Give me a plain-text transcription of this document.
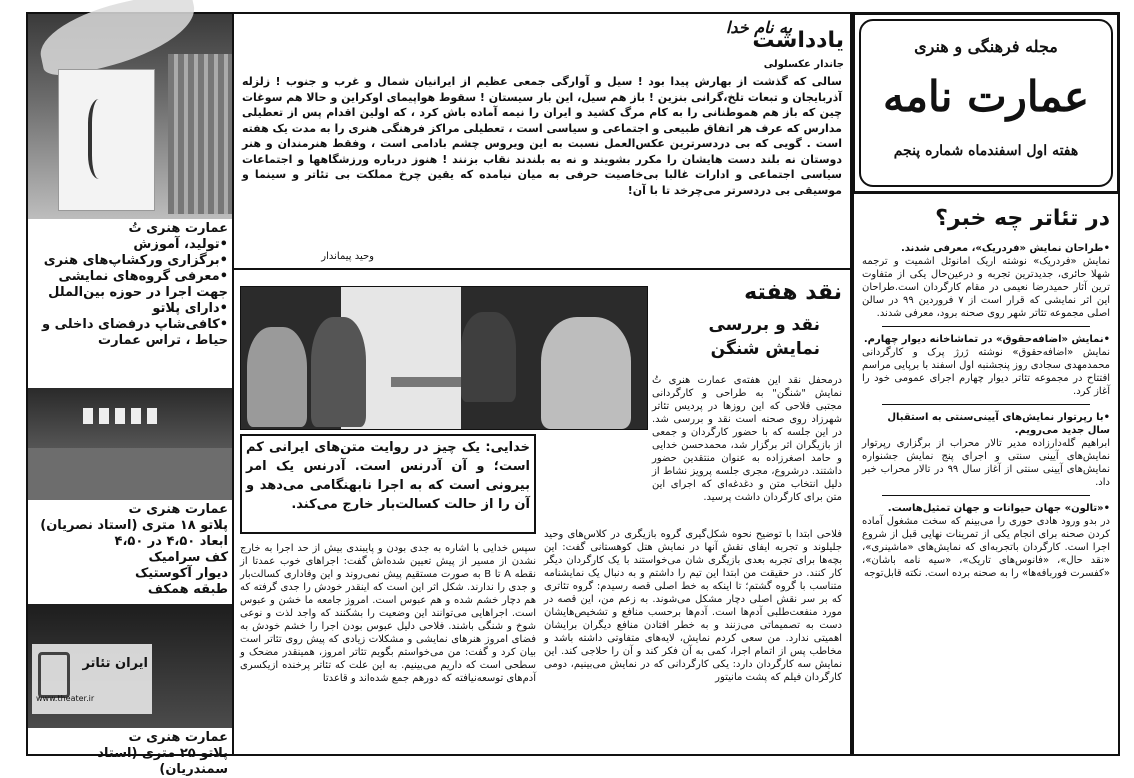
عمارت هنری تُ

•تولید، آموزش

•برگزاری ورکشاپ‌های هنری

•معرفی گروه‌های نمایشی جهت اجرا در حوزه بین‌الملل

•دارای پلاتو

•کافی‌شاپ درفضای داخلی و حیاط ، تراس عمارت

عمارت هنری ت

پلاتو ۱۸ متری (استاد نصریان)

ابعاد ۴،۵۰ در ۴،۵۰

کف سرامیک

دیوار آکوستیک

طبقه همکف

ایران تئاتر
www.theater.ir

عمارت هنری ت

پلاتو ۲۵ متری (استاد سمندریان)

به نام خدا
یادداشت
جاندار عکسلولی
سالی که گذشت از بهارش پیدا بود ! سیل و آوارگی جمعی عظیم از ایرانیان شمال و غرب و جنوب ! زلزله آذربایجان و تبعات تلخ،گرانی بنزین ! باز هم سیل، این بار سیستان ! سقوط هواپیمای اوکراین و حالا هم سوغات چین که باز هم هموطنانی را به کام مرگ کشید و ایران را نیمه آماده باش کرد ، که اولین اقدام پس از تعطیلی مدارس که عرف هر اتفاق طبیعی و اجتماعی و سیاسی است ، تعطیلی مراکز فرهنگی هنری را به مدت یک هفته است . گویی که بی دردسرترین عکس‌العمل نسبت به این ویروس چشم بادامی است ، وفقط هنرمندان و هنر دوستان نه بلند دست هایشان را مکرر بشویند و نه به بلندند نقاب بزنند ! هنوز درباره ورزشگاهها و اجتماعات سیاسی اجتماعی و ادارات غالبا بی‌خاصیت حرفی به میان نیامده که یقین چرخ مملکت بی تئاتر و سینما و موسیقی بی دردسرتر می‌چرخد تا با آن!
وحید پیماندار
مجله فرهنگی و هنری
عمارت نامه
هفته اول اسفندماه شماره پنجم
در تئاتر چه خبر؟

•طراحان نمایش «فردریک»، معرفی شدند.

نمایش «فردریک» نوشته اریک امانوئل اشمیت و ترجمه شهلا حائری، جدیدترین تجربه و درعین‌حال یکی از متفاوت ترین آثار حمیدرضا نعیمی در مقام کارگردان است.طراحان این اثر نمایشی که قرار است از ۷ فروردین ۹۹ در سالن اصلی مجموعه تئاتر شهر روی صحنه برود، معرفی شدند.

•نمایش «اضافه‌حقوق» در تماشاخانه دیوار چهارم.

نمایش «اضافه‌حقوق» نوشته ژرژ پرک و کارگردانی محمدمهدی سجادی روز پنجشنبه اول اسفند با برپایی مراسم افتتاح در مجموعه تئاتر دیوار چهارم اجرای عمومی خود را آغاز کرد.

•با رپرتوار نمایش‌های آیینی‌سنتی به استقبال سال جدید می‌رویم.

ابراهیم گله‌دارزاده مدیر تالار محراب از برگزاری رپرتوار نمایش‌های آیینی سنتی و اجرای پنج نمایش جشنواره نمایش‌های آیینی سنتی از آغاز سال ۹۹ در تالار محراب خبر داد.

•«تالون» جهان حیوانات و جهان تمثیل‌هاست.

در بدو ورود هادی حوری را می‌بینم که سخت مشغول آماده کردن صحنه برای انجام یکی از تمرینات نهایی قبل از شروع اجرا است. کارگردان باتجربه‌ای که نمایش‌های «ماشینری»، «نقد حال»، «فانوس‌های تاریک»، «سیه نامه باشان»، «کفسرت فوربافه‌ها» را به صحنه برده است. نکته قابل‌توجه

نقد هفته
نقد و بررسی
نمایش شنگن
درمحفل نقد این هفته‌ی عمارت هنری تُ نمایش "شنگن" به طراحی و کارگردانی مجتبی فلاحی که این روزها در پردیس تئاتر شهرزاد روی صحنه است نقد و بررسی شد. در این جلسه که با حضور کارگردان و جمعی از بازیگران اثر برگزار شد، محمدحسن خدایی و حامد اصغرزاده به عنوان منتقدین حضور داشتند. درشروع، مجری جلسه پرویز نشاط از دلیل انتخاب متن و دغدغه‌ای که اجرای این متن برای کارگردان داشت پرسید.
خدایی: یک چیز در روایت متن‌های ایرانی کم است؛ و آن آدرنس است. آدرنس یک امر بیرونی است که به اجرا نابهنگامی می‌دهد و آن را از حالت کسالت‌بار خارج می‌کند.
فلاحی ابتدا با توضیح نحوه شکل‌گیری گروه بازیگری در کلاس‌های وحید جلیلوند و تجربه ایفای نقش آنها در نمایش هتل کوهستانی گفت: این بچه‌ها برای تجربه بعدی بازیگری شان می‌خواستند با یک کارگردان دیگر کار کنند. در حقیقت من ابتدا این تیم را داشتم و به دنبال یک نمایشنامه متناسب با گروه گشتم؛ تا اینکه به خط اصلی قصه رسیدم: گروه تئاتری که بر سر نقش اصلی دچار مشکل می‌شوند. به زعم من، این قصه در مورد منفعت‌طلبی آدم‌ها است. آدم‌ها برحسب منافع و تشخیص‌هایشان دست به تصمیماتی می‌زنند و به خطر افتادن منافع دیگران برایشان اهمیتی ندارد. من سعی کردم نمایش، لایه‌های متفاوتی داشته باشد و مخاطب پس از اتمام اجرا، کمی به آن فکر کند و آن را حلاجی کند. این نمایش سه کارگردان دارد: یکی کارگردانی که در نمایش می‌بینیم، دومی کارگردان فیلم که پشت مانیتور
سپس خدایی با اشاره به جدی بودن و پایبندی بیش از حد اجرا به خارج نشدن از مسیر از پیش تعیین شده‌اش گفت: اجراهای خوب عمدتا از نقطه A تا B به صورت مستقیم پیش نمی‌روند و این وفاداری کسالت‌بار و جدی را ندارند. شکل اثر این است که اینقدر خودش را جدی گرفته که هم دچار خشم شده و هم عبوس است. امروز جامعه ما خشن و عبوس است. اجراهایی می‌توانند این وضعیت را بشکنند که واجد لذت و نوعی شوخ و شنگی باشند. فلاحی دلیل عبوس بودن اجرا را خشم خودش به فضای امروز هنرهای نمایشی و مشکلات زیادی که پیش روی تئاتر است بیان کرد و گفت: من می‌خواستم بگویم تئاتر امروز، همینقدر مضحک و سطحی است که داریم می‌بینیم. به این علت که تئاتر پرخنده ازیکسری آدم‌های توسعه‌نیافته که دورهم جمع شده‌اند و قاعدتا
